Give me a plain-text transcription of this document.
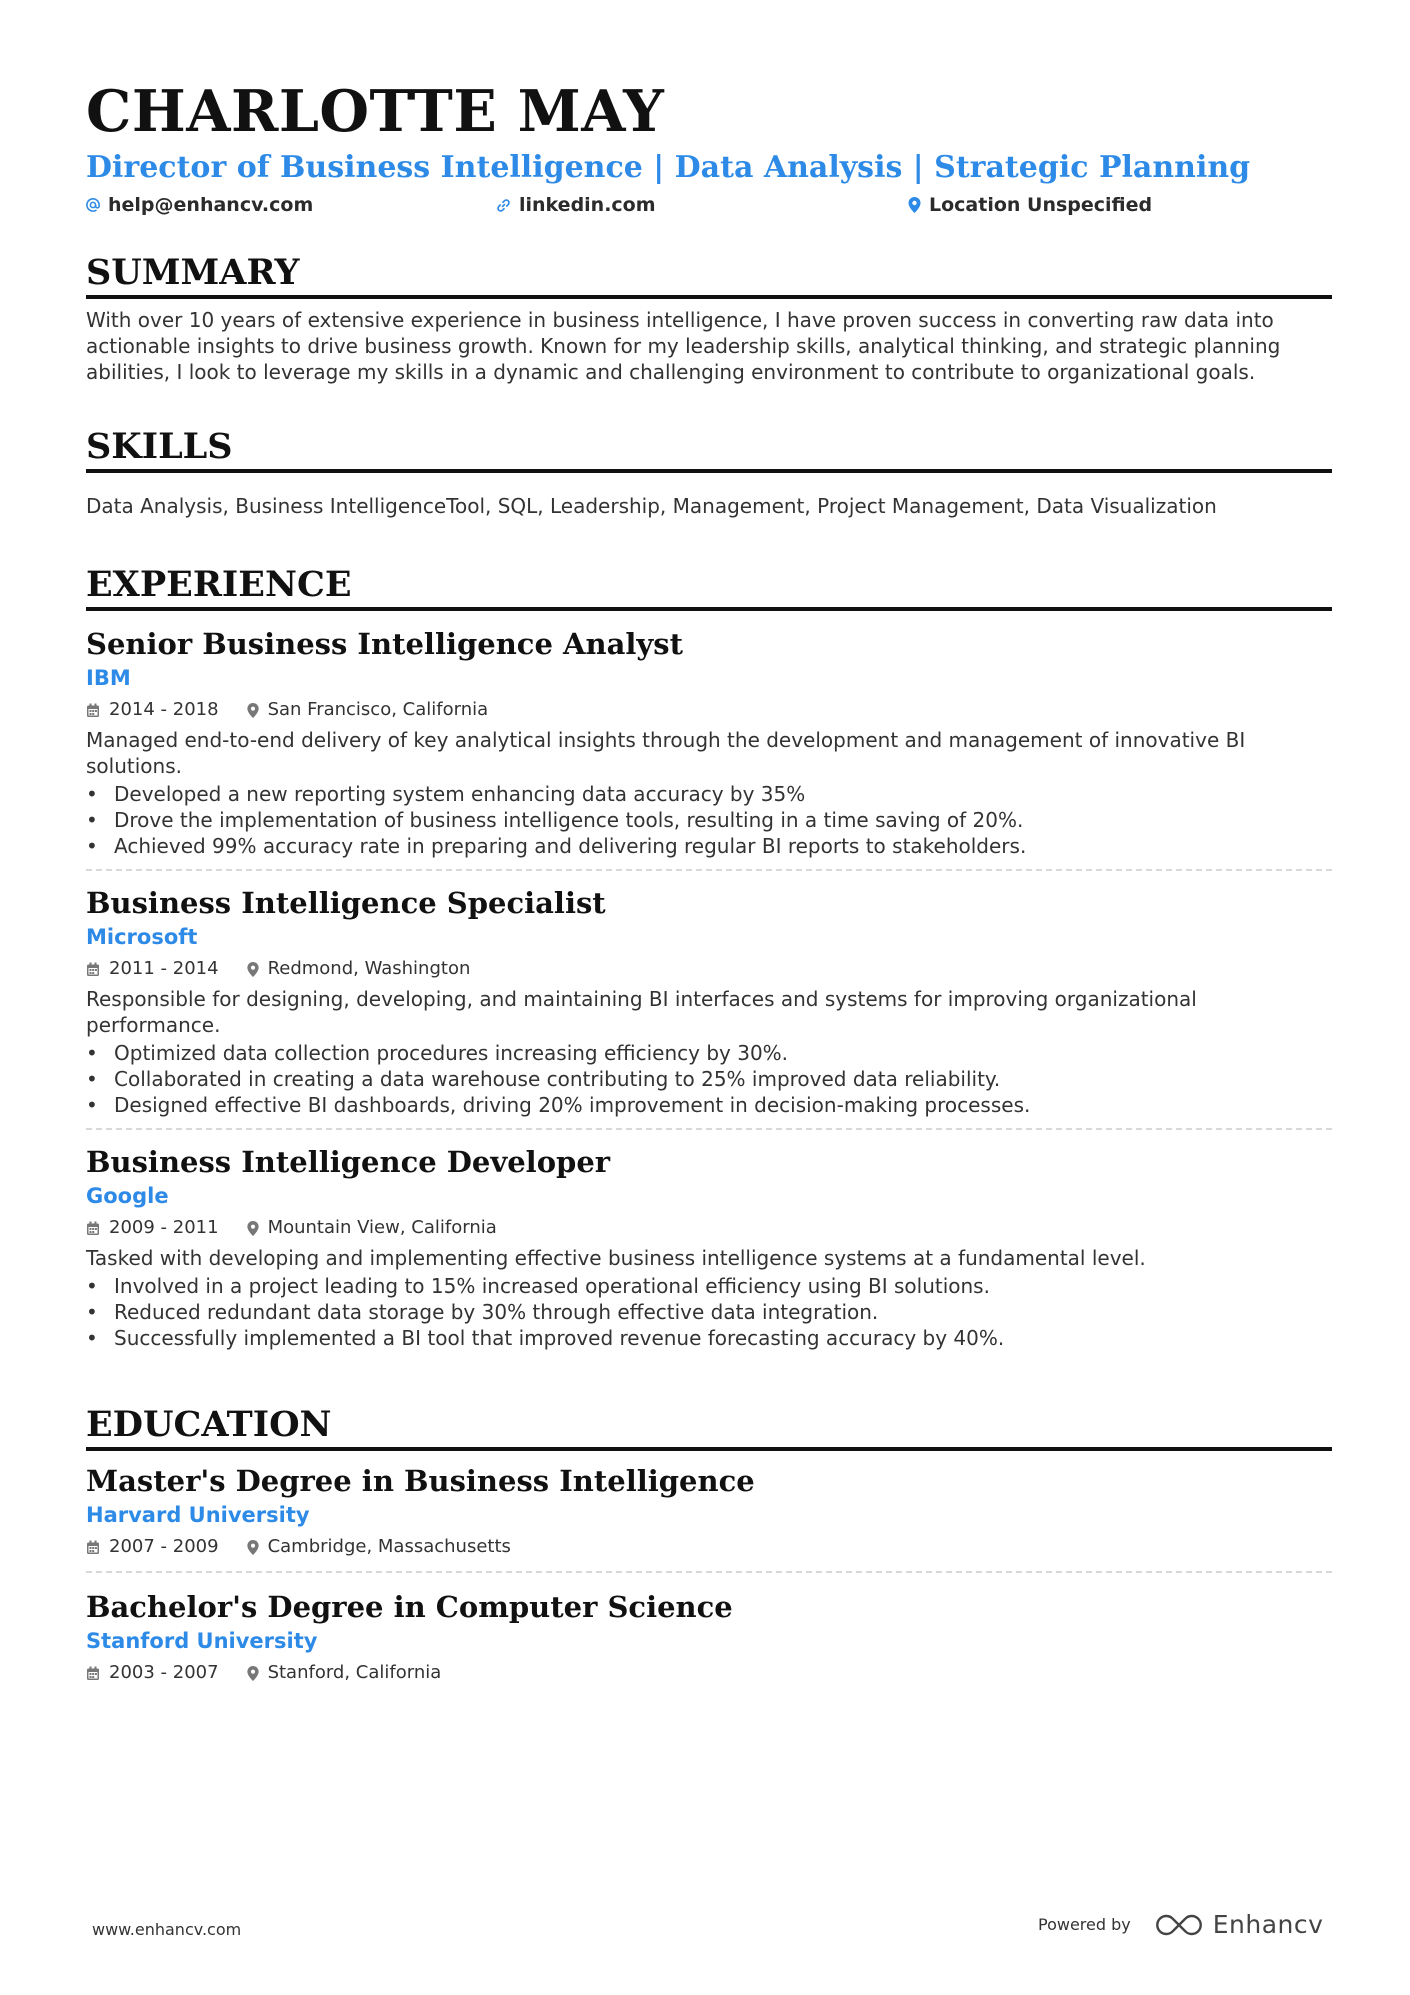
CHARLOTTE MAY
Director of Business Intelligence | Data Analysis | Strategic Planning
help@enhancv.com	linkedin.com	Location Unspecified
SUMMARY
With over 10 years of extensive experience in business intelligence, I have proven success in converting raw data into actionable insights to drive business growth. Known for my leadership skills, analytical thinking, and strategic planning abilities, I look to leverage my skills in a dynamic and challenging environment to contribute to organizational goals.
SKILLS
Data Analysis, Business IntelligenceTool, SQL, Leadership, Management, Project Management, Data Visualization
EXPERIENCE
Senior Business Intelligence Analyst
IBM
2014 - 2018	San Francisco, California
Managed end-to-end delivery of key analytical insights through the development and management of innovative BI solutions.
• Developed a new reporting system enhancing data accuracy by 35%
• Drove the implementation of business intelligence tools, resulting in a time saving of 20%.
• Achieved 99% accuracy rate in preparing and delivering regular BI reports to stakeholders.
Business Intelligence Specialist
Microsoft
2011 - 2014	Redmond, Washington
Responsible for designing, developing, and maintaining BI interfaces and systems for improving organizational performance.
• Optimized data collection procedures increasing efficiency by 30%.
• Collaborated in creating a data warehouse contributing to 25% improved data reliability.
• Designed effective BI dashboards, driving 20% improvement in decision-making processes.
Business Intelligence Developer
Google
2009 - 2011	Mountain View, California
Tasked with developing and implementing effective business intelligence systems at a fundamental level.
• Involved in a project leading to 15% increased operational efficiency using BI solutions.
• Reduced redundant data storage by 30% through effective data integration.
• Successfully implemented a BI tool that improved revenue forecasting accuracy by 40%.
EDUCATION
Master's Degree in Business Intelligence
Harvard University
2007 - 2009	Cambridge, Massachusetts
Bachelor's Degree in Computer Science
Stanford University
2003 - 2007	Stanford, California
www.enhancv.com	Powered by	Enhancv
